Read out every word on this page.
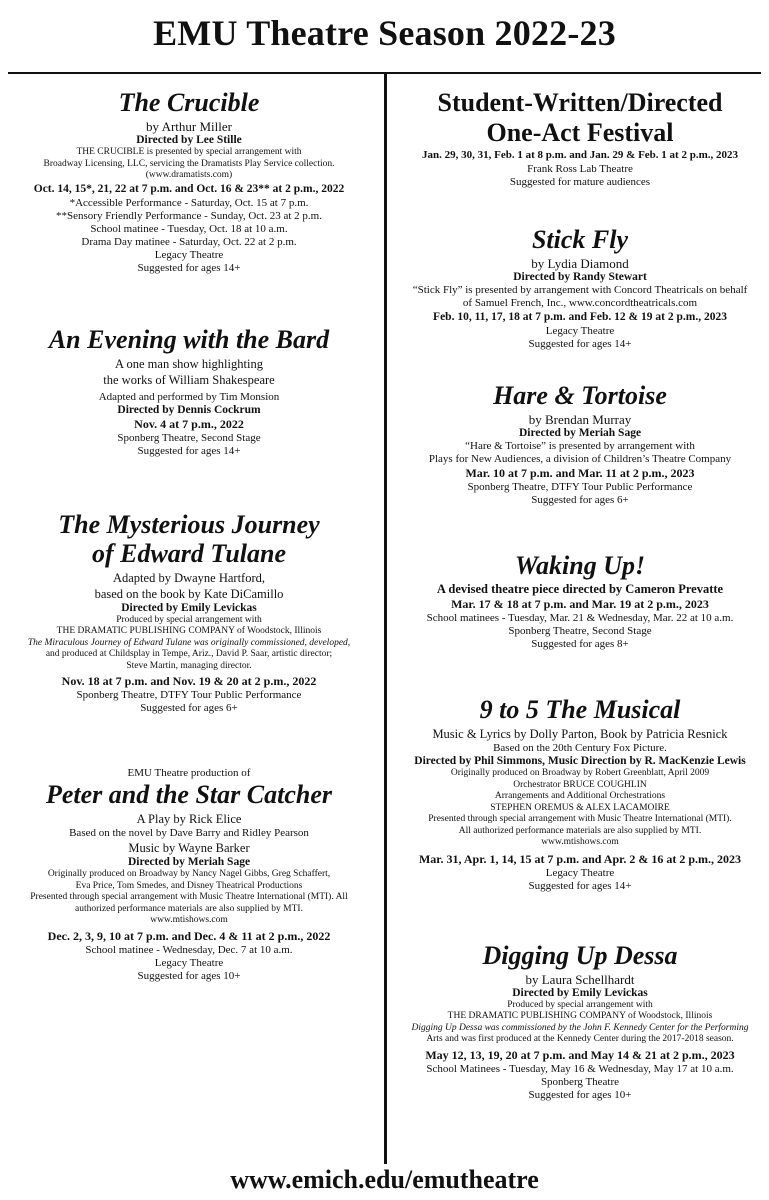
EMU Theatre Season 2022-23
The Crucible
by Arthur Miller
Directed by Lee Stille
THE CRUCIBLE is presented by special arrangement with
Broadway Licensing, LLC, servicing the Dramatists Play Service collection.
(www.dramatists.com)
Oct. 14, 15*, 21, 22 at 7 p.m. and Oct. 16 & 23** at 2 p.m., 2022
*Accessible Performance - Saturday, Oct. 15 at 7 p.m.
**Sensory Friendly Performance - Sunday, Oct. 23 at 2 p.m.
School matinee - Tuesday, Oct. 18 at 10 a.m.
Drama Day matinee - Saturday, Oct. 22 at 2 p.m.
Legacy Theatre
Suggested for ages 14+
An Evening with the Bard
A one man show highlighting
the works of William Shakespeare
Adapted and performed by Tim Monsion
Directed by Dennis Cockrum
Nov. 4 at 7 p.m., 2022
Sponberg Theatre, Second Stage
Suggested for ages 14+
The Mysterious Journey
of Edward Tulane
Adapted by Dwayne Hartford,
based on the book by Kate DiCamillo
Directed by Emily Levickas
Produced by special arrangement with
THE DRAMATIC PUBLISHING COMPANY of Woodstock, Illinois
The Miraculous Journey of Edward Tulane was originally commissioned, developed,
and produced at Childsplay in Tempe, Ariz., David P. Saar, artistic director;
Steve Martin, managing director.
Nov. 18 at 7 p.m. and Nov. 19 & 20 at 2 p.m., 2022
Sponberg Theatre, DTFY Tour Public Performance
Suggested for ages 6+
EMU Theatre production of
Peter and the Star Catcher
A Play by Rick Elice
Based on the novel by Dave Barry and Ridley Pearson
Music by Wayne Barker
Directed by Meriah Sage
Originally produced on Broadway by Nancy Nagel Gibbs, Greg Schaffert,
Eva Price, Tom Smedes, and Disney Theatrical Productions
Presented through special arrangement with Music Theatre International (MTI). All
authorized performance materials are also supplied by MTI.
www.mtishows.com
Dec. 2, 3, 9, 10 at 7 p.m. and Dec. 4 & 11 at 2 p.m., 2022
School matinee - Wednesday, Dec. 7 at 10 a.m.
Legacy Theatre
Suggested for ages 10+
Student-Written/Directed
One-Act Festival
Jan. 29, 30, 31, Feb. 1 at 8 p.m. and Jan. 29 & Feb. 1 at 2 p.m., 2023
Frank Ross Lab Theatre
Suggested for mature audiences
Stick Fly
by Lydia Diamond
Directed by Randy Stewart
“Stick Fly” is presented by arrangement with Concord Theatricals on behalf
of Samuel French, Inc., www.concordtheatricals.com
Feb. 10, 11, 17, 18 at 7 p.m. and Feb. 12 & 19 at 2 p.m., 2023
Legacy Theatre
Suggested for ages 14+
Hare & Tortoise
by Brendan Murray
Directed by Meriah Sage
“Hare & Tortoise” is presented by arrangement with
Plays for New Audiences, a division of Children’s Theatre Company
Mar. 10 at 7 p.m. and Mar. 11 at 2 p.m., 2023
Sponberg Theatre, DTFY Tour Public Performance
Suggested for ages 6+
Waking Up!
A devised theatre piece directed by Cameron Prevatte
Mar. 17 & 18 at 7 p.m. and Mar. 19 at 2 p.m., 2023
School matinees - Tuesday, Mar. 21 & Wednesday, Mar. 22 at 10 a.m.
Sponberg Theatre, Second Stage
Suggested for ages 8+
9 to 5 The Musical
Music & Lyrics by Dolly Parton, Book by Patricia Resnick
Based on the 20th Century Fox Picture.
Directed by Phil Simmons, Music Direction by R. MacKenzie Lewis
Originally produced on Broadway by Robert Greenblatt, April 2009
Orchestrator BRUCE COUGHLIN
Arrangements and Additional Orchestrations
STEPHEN OREMUS & ALEX LACAMOIRE
Presented through special arrangement with Music Theatre International (MTI).
All authorized performance materials are also supplied by MTI.
www.mtishows.com
Mar. 31, Apr. 1, 14, 15 at 7 p.m. and Apr. 2 & 16 at 2 p.m., 2023
Legacy Theatre
Suggested for ages 14+
Digging Up Dessa
by Laura Schellhardt
Directed by Emily Levickas
Produced by special arrangement with
THE DRAMATIC PUBLISHING COMPANY of Woodstock, Illinois
Digging Up Dessa was commissioned by the John F. Kennedy Center for the Performing
Arts and was first produced at the Kennedy Center during the 2017-2018 season.
May 12, 13, 19, 20 at 7 p.m. and May 14 & 21 at 2 p.m., 2023
School Matinees - Tuesday, May 16 & Wednesday, May 17 at 10 a.m.
Sponberg Theatre
Suggested for ages 10+
www.emich.edu/emutheatre
